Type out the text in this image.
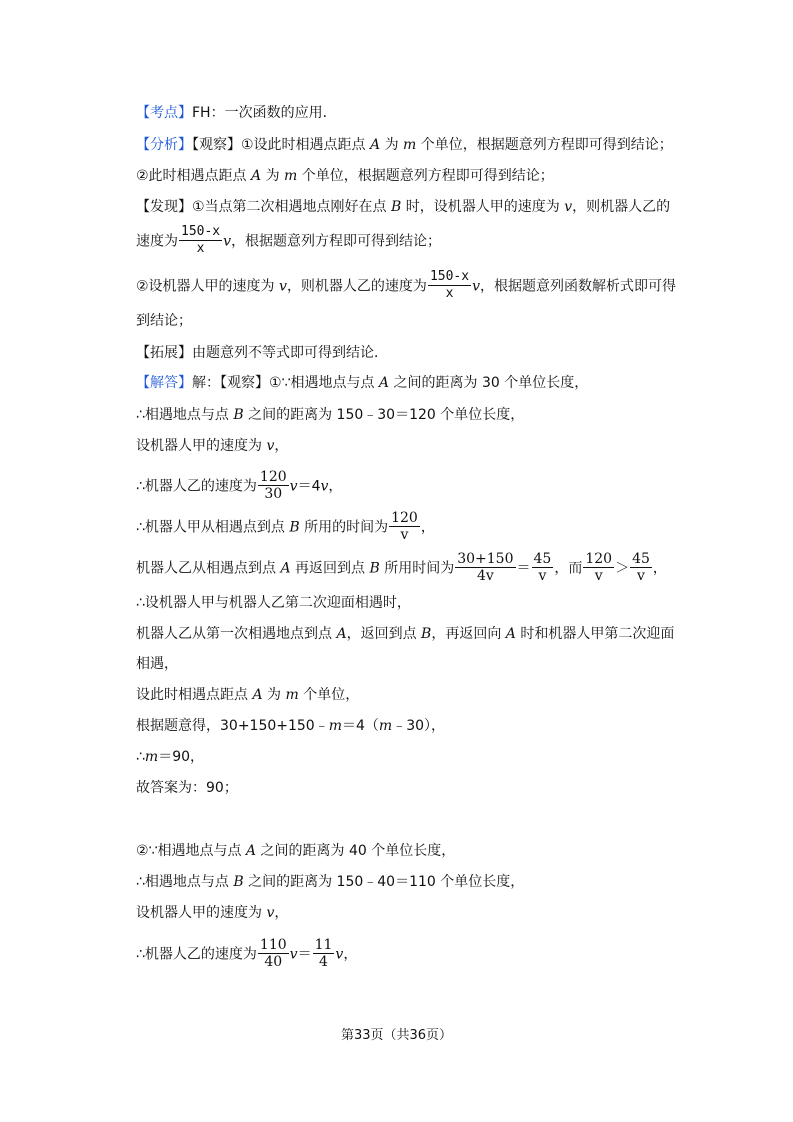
【考点】FH：一次函数的应用．
【分析】【观察】①设此时相遇点距点 A 为 m 个单位，根据题意列方程即可得到结论；
②此时相遇点距点 A 为 m 个单位，根据题意列方程即可得到结论；
【发现】①当点第二次相遇地点刚好在点 B 时，设机器人甲的速度为 v，则机器人乙的
速度为 $\frac{150-x}{x}$ v，根据题意列方程即可得到结论；
②设机器人甲的速度为 v，则机器人乙的速度为 $\frac{150-x}{x}$ v，根据题意列函数解析式即可得
到结论；
【拓展】由题意列不等式即可得到结论．
【解答】解：【观察】①∵相遇地点与点 A 之间的距离为 30 个单位长度，
∴相遇地点与点 B 之间的距离为 150﹣30＝120 个单位长度，
设机器人甲的速度为 v，
∴机器人乙的速度为 $\frac{120}{30} v=4v$，
∴机器人甲从相遇点到点 B 所用的时间为 $\frac{120}{v}$ ，
机器人乙从相遇点到点 A 再返回到点 B 所用时间为 $\frac{30+150}{4v} = \frac{45}{v}$ ，而 $\frac{120}{v} > \frac{45}{v}$ ，
∴设机器人甲与机器人乙第二次迎面相遇时，
机器人乙从第一次相遇地点到点 A，返回到点 B，再返回向 A 时和机器人甲第二次迎面
相遇，
设此时相遇点距点 A 为 m 个单位，
根据题意得，30+150+150﹣m＝4（m﹣30），
∴m＝90，
故答案为：90；
②∵相遇地点与点 A 之间的距离为 40 个单位长度，
∴相遇地点与点 B 之间的距离为 150﹣40＝110 个单位长度，
设机器人甲的速度为 v，
∴机器人乙的速度为 $\frac{110}{40} v= \frac{11}{4}$ v，
第33页（共36页）
